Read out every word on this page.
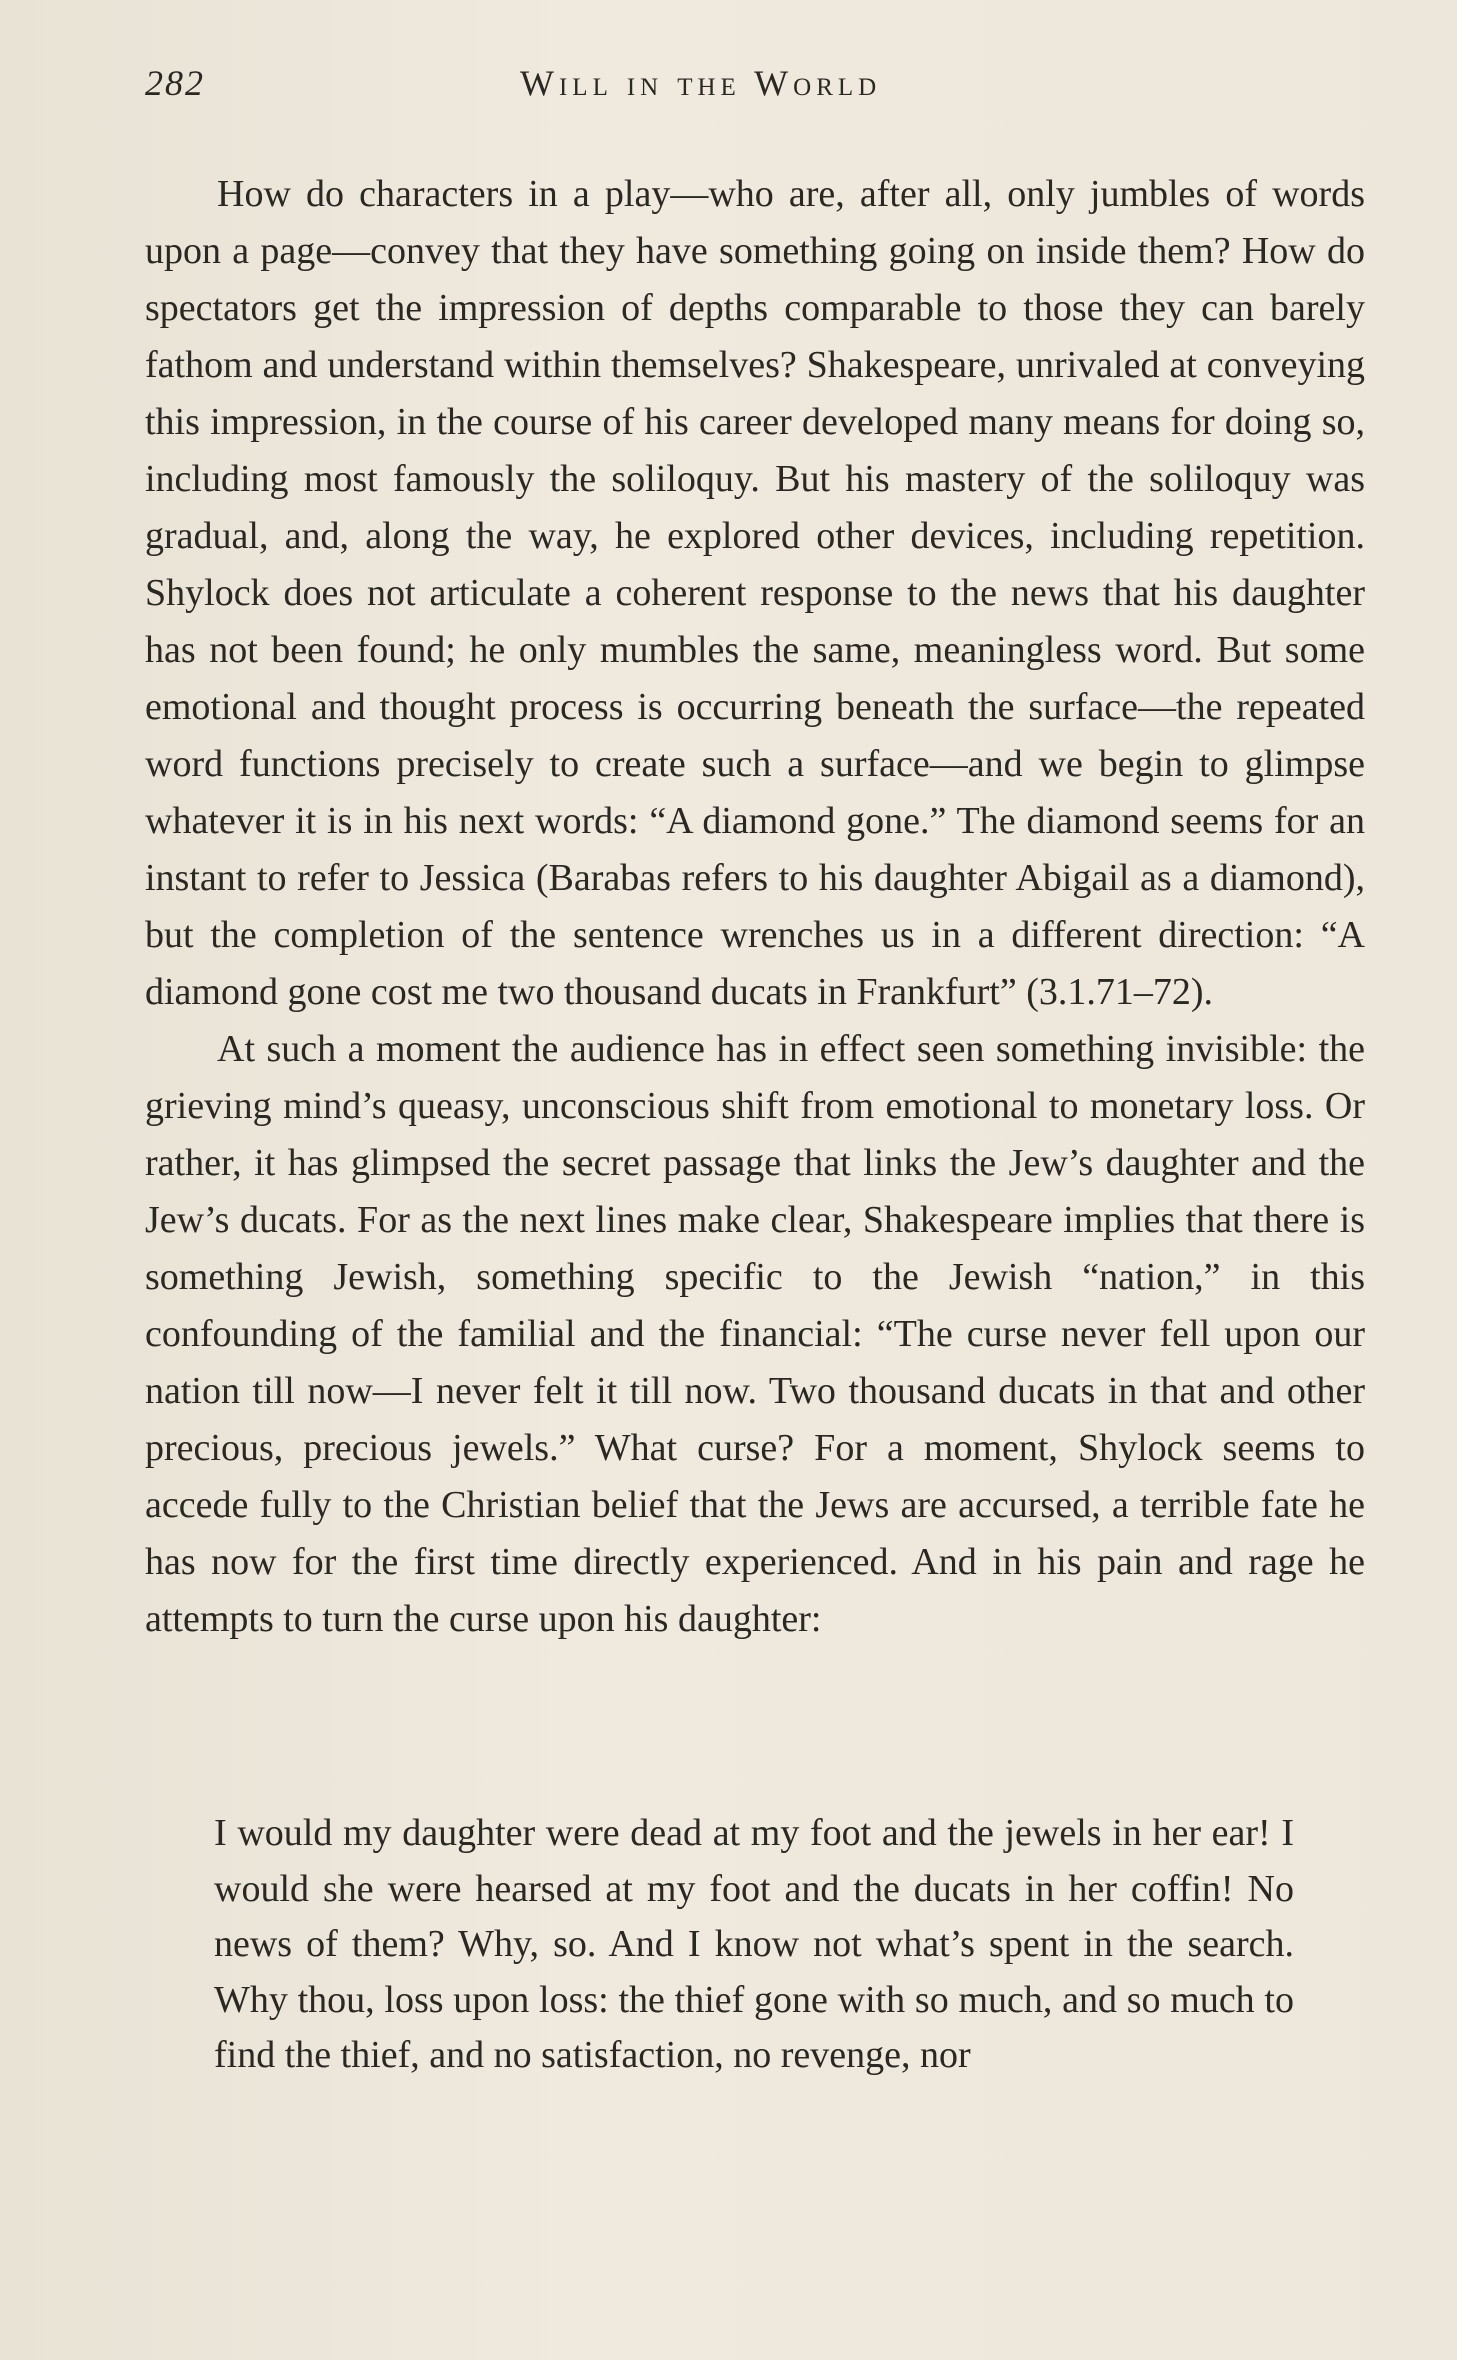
282	Will in the World

How do characters in a play—who are, after all, only jumbles of words upon a page—convey that they have something going on inside them? How do spectators get the impression of depths comparable to those they can barely fathom and understand within themselves? Shakespeare, unrivaled at conveying this impression, in the course of his career developed many means for doing so, including most famously the soliloquy. But his mastery of the soliloquy was gradual, and, along the way, he explored other devices, including repetition. Shylock does not articulate a coherent response to the news that his daughter has not been found; he only mumbles the same, meaningless word. But some emotional and thought process is occurring beneath the surface—the repeated word functions precisely to create such a surface—and we begin to glimpse whatever it is in his next words: “A diamond gone.” The diamond seems for an instant to refer to Jessica (Barabas refers to his daughter Abigail as a diamond), but the completion of the sentence wrenches us in a different direction: “A diamond gone cost me two thousand ducats in Frankfurt” (3.1.71–72).

At such a moment the audience has in effect seen something invisible: the grieving mind’s queasy, unconscious shift from emotional to monetary loss. Or rather, it has glimpsed the secret passage that links the Jew’s daughter and the Jew’s ducats. For as the next lines make clear, Shakespeare implies that there is something Jewish, something specific to the Jewish “nation,” in this confounding of the familial and the financial: “The curse never fell upon our nation till now—I never felt it till now. Two thousand ducats in that and other precious, precious jewels.” What curse? For a moment, Shylock seems to accede fully to the Christian belief that the Jews are accursed, a terrible fate he has now for the first time directly experienced. And in his pain and rage he attempts to turn the curse upon his daughter:

I would my daughter were dead at my foot and the jewels in her ear! I would she were hearsed at my foot and the ducats in her coffin! No news of them? Why, so. And I know not what’s spent in the search. Why thou, loss upon loss: the thief gone with so much, and so much to find the thief, and no satisfaction, no revenge, nor
